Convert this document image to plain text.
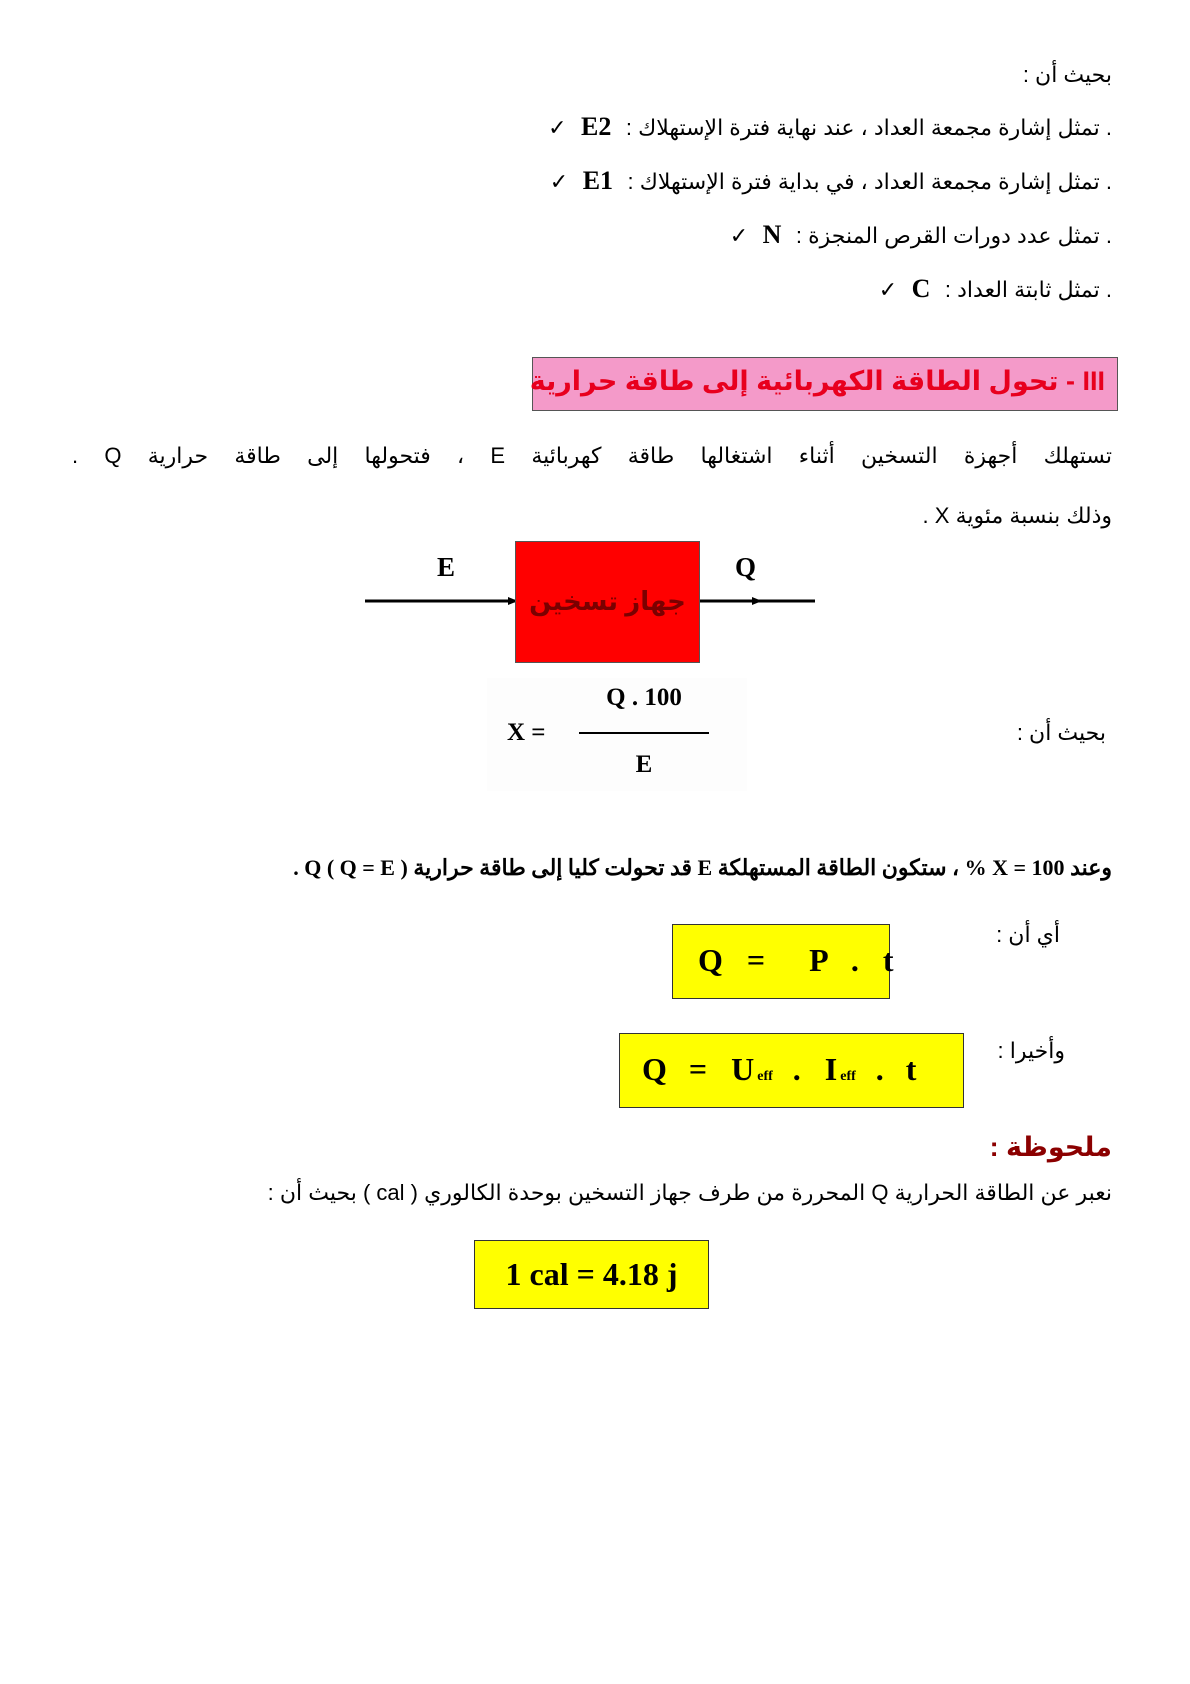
بحيث أن :
✓ E2 : تمثل إشارة مجمعة العداد ، عند نهاية فترة الإستهلاك .
✓ E1 : تمثل إشارة مجمعة العداد ، في بداية فترة الإستهلاك .
✓ N : تمثل عدد دورات القرص المنجزة .
✓ C : تمثل ثابتة العداد .
III - تحول الطاقة الكهربائية إلى طاقة حرارية
تستهلك أجهزة التسخين أثناء اشتغالها طاقة كهربائية E ، فتحولها إلى طاقة حرارية Q .
وذلك بنسبة مئوية X .
جهاز تسخين
E	Q
X =
Q . 100
E
بحيث أن :
وعند X = 100 % ، ستكون الطاقة المستهلكة E قد تحولت كليا إلى طاقة حرارية Q ( Q = E ) .
أي أن :
Q = P . t
وأخيرا :
Q = U eff . I eff . t
ملحوظة :
نعبر عن الطاقة الحرارية Q المحررة من طرف جهاز التسخين بوحدة الكالوري ( cal ) بحيث أن :
1 cal = 4.18 j
